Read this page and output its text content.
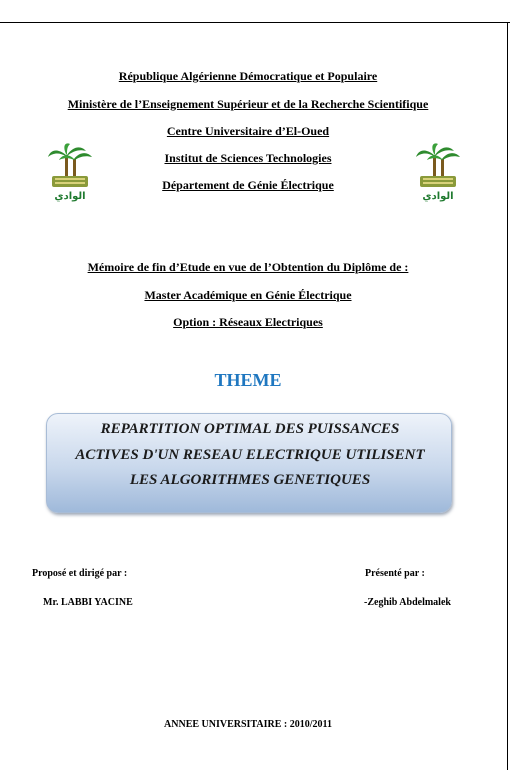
République Algérienne Démocratique et Populaire
Ministère de l’Enseignement Supérieur et de la Recherche Scientifique
Centre Universitaire d’El-Oued
Institut de Sciences Technologies
Département de Génie Électrique
الوادي	الوادي
Mémoire de fin d’Etude en vue de l’Obtention du Diplôme de :
Master Académique en Génie Électrique
Option : Réseaux Electriques
THEME
REPARTITION OPTIMAL DES PUISSANCES
ACTIVES D'UN RESEAU ELECTRIQUE UTILISENT
LES ALGORITHMES GENETIQUES
Proposé et dirigé par :
Mr. LABBI YACINE
Présenté par :
-Zeghib Abdelmalek
ANNEE UNIVERSITAIRE : 2010/2011
